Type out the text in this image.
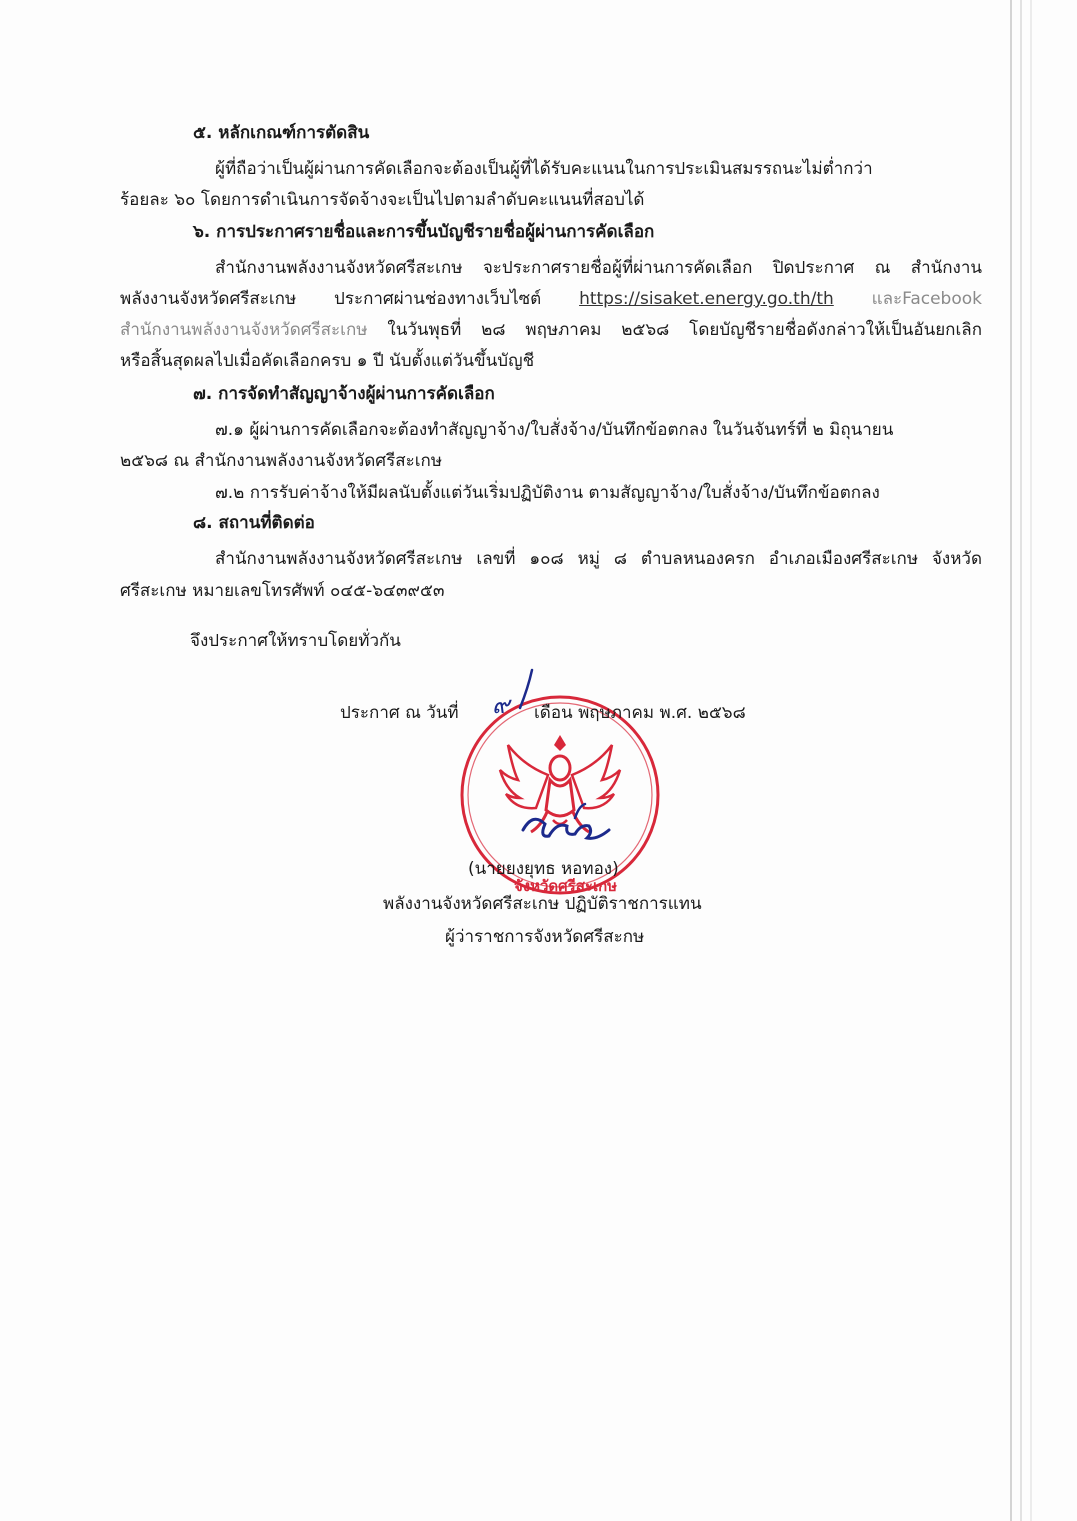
๕. หลักเกณฑ์การตัดสิน
ผู้ที่ถือว่าเป็นผู้ผ่านการคัดเลือกจะต้องเป็นผู้ที่ได้รับคะแนนในการประเมินสมรรถนะไม่ต่ำกว่า
ร้อยละ ๖๐ โดยการดำเนินการจัดจ้างจะเป็นไปตามลำดับคะแนนที่สอบได้
๖. การประกาศรายชื่อและการขึ้นบัญชีรายชื่อผู้ผ่านการคัดเลือก
สำนักงานพลังงานจังหวัดศรีสะเกษ จะประกาศรายชื่อผู้ที่ผ่านการคัดเลือก ปิดประกาศ ณ สำนักงาน
พลังงานจังหวัดศรีสะเกษ ประกาศผ่านช่องทางเว็บไซต์ https://sisaket.energy.go.th/th และFacebook
สำนักงานพลังงานจังหวัดศรีสะเกษ ในวันพุธที่ ๒๘ พฤษภาคม ๒๕๖๘ โดยบัญชีรายชื่อดังกล่าวให้เป็นอันยกเลิก
หรือสิ้นสุดผลไปเมื่อคัดเลือกครบ ๑ ปี นับตั้งแต่วันขึ้นบัญชี
๗. การจัดทำสัญญาจ้างผู้ผ่านการคัดเลือก
๗.๑ ผู้ผ่านการคัดเลือกจะต้องทำสัญญาจ้าง/ใบสั่งจ้าง/บันทึกข้อตกลง ในวันจันทร์ที่ ๒ มิถุนายน
๒๕๖๘ ณ สำนักงานพลังงานจังหวัดศรีสะเกษ
๗.๒ การรับค่าจ้างให้มีผลนับตั้งแต่วันเริ่มปฏิบัติงาน ตามสัญญาจ้าง/ใบสั่งจ้าง/บันทึกข้อตกลง
๘. สถานที่ติดต่อ
สำนักงานพลังงานจังหวัดศรีสะเกษ เลขที่ ๑๐๘ หมู่ ๘ ตำบลหนองครก อำเภอเมืองศรีสะเกษ จังหวัด
ศรีสะเกษ หมายเลขโทรศัพท์ ๐๔๕-๖๔๓๙๕๓
จึงประกาศให้ทราบโดยทั่วกัน
จังหวัดศรีสะเกษ
ประกาศ ณ วันที่ ๙ เดือน พฤษภาคม พ.ศ. ๒๕๖๘
(นายยงยุทธ หอทอง)
พลังงานจังหวัดศรีสะเกษ ปฏิบัติราชการแทน
ผู้ว่าราชการจังหวัดศรีสะกษ
